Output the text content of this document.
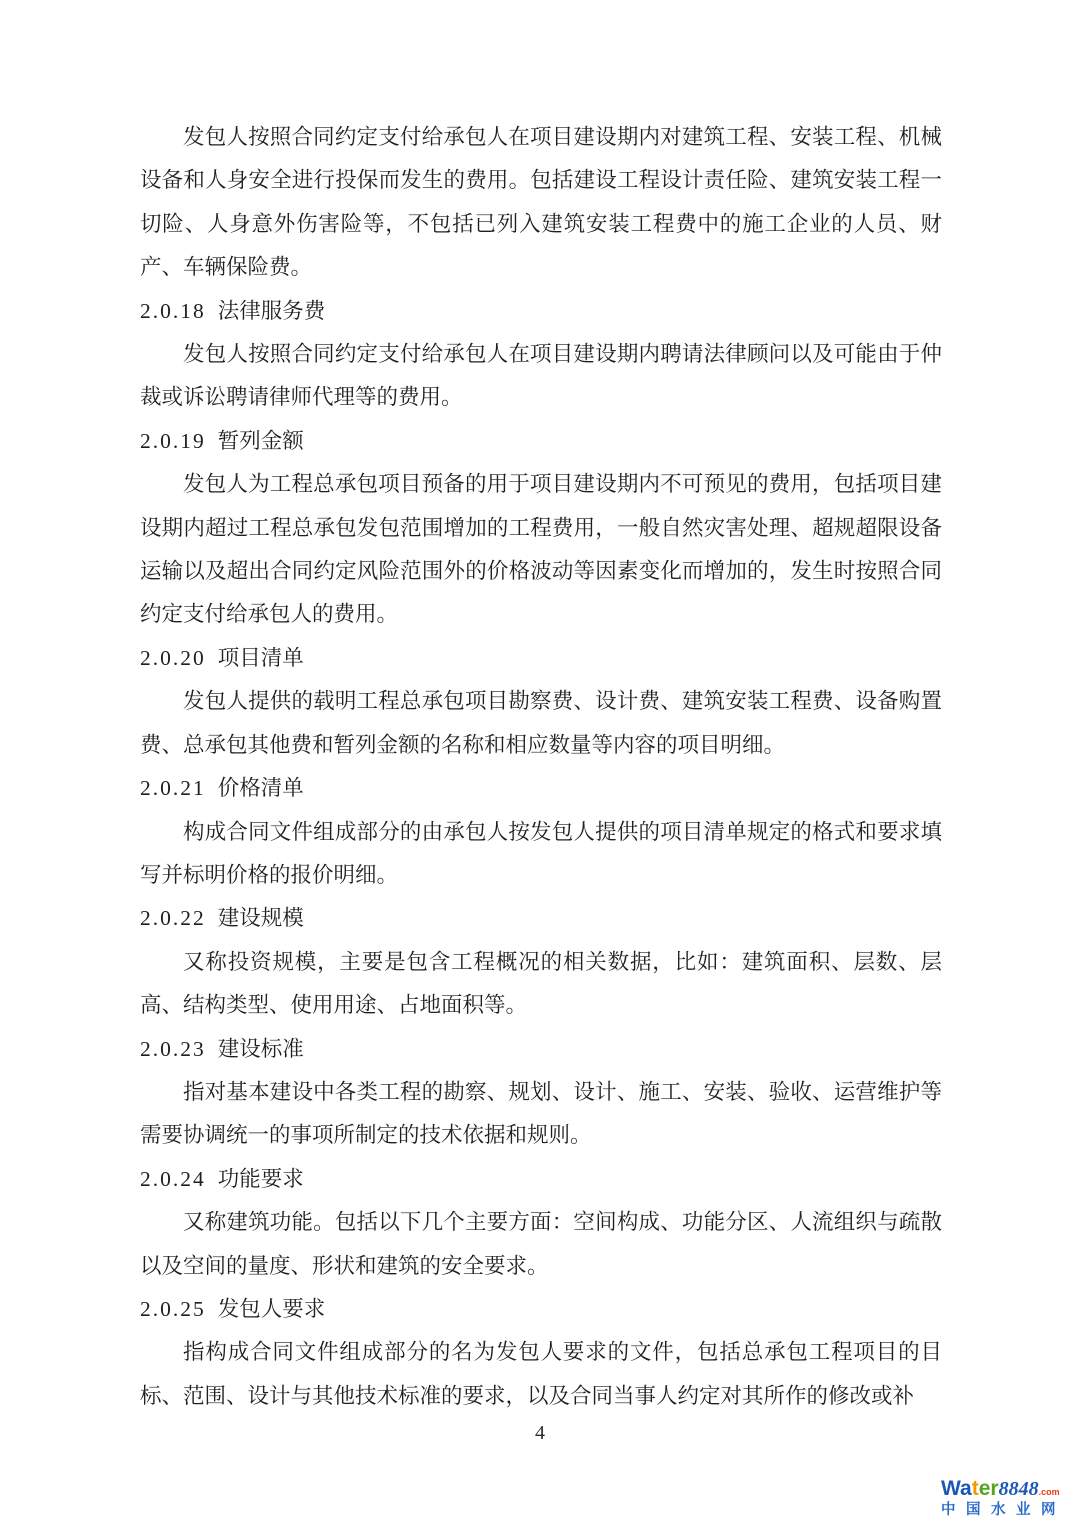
发包人按照合同约定支付给承包人在项目建设期内对建筑工程、安装工程、机械设备和人身安全进行投保而发生的费用。包括建设工程设计责任险、建筑安装工程一切险、人身意外伤害险等，不包括已列入建筑安装工程费中的施工企业的人员、财产、车辆保险费。

2.0.18 法律服务费

发包人按照合同约定支付给承包人在项目建设期内聘请法律顾问以及可能由于仲裁或诉讼聘请律师代理等的费用。

2.0.19 暂列金额

发包人为工程总承包项目预备的用于项目建设期内不可预见的费用，包括项目建设期内超过工程总承包发包范围增加的工程费用，一般自然灾害处理、超规超限设备运输以及超出合同约定风险范围外的价格波动等因素变化而增加的，发生时按照合同约定支付给承包人的费用。

2.0.20 项目清单

发包人提供的载明工程总承包项目勘察费、设计费、建筑安装工程费、设备购置费、总承包其他费和暂列金额的名称和相应数量等内容的项目明细。

2.0.21 价格清单

构成合同文件组成部分的由承包人按发包人提供的项目清单规定的格式和要求填写并标明价格的报价明细。

2.0.22 建设规模

又称投资规模，主要是包含工程概况的相关数据，比如：建筑面积、层数、层高、结构类型、使用用途、占地面积等。

2.0.23 建设标准

指对基本建设中各类工程的勘察、规划、设计、施工、安装、验收、运营维护等需要协调统一的事项所制定的技术依据和规则。

2.0.24 功能要求

又称建筑功能。包括以下几个主要方面：空间构成、功能分区、人流组织与疏散以及空间的量度、形状和建筑的安全要求。

2.0.25 发包人要求

指构成合同文件组成部分的名为发包人要求的文件，包括总承包工程项目的目标、范围、设计与其他技术标准的要求，以及合同当事人约定对其所作的修改或补

4
Water8848.com
中国水业网
